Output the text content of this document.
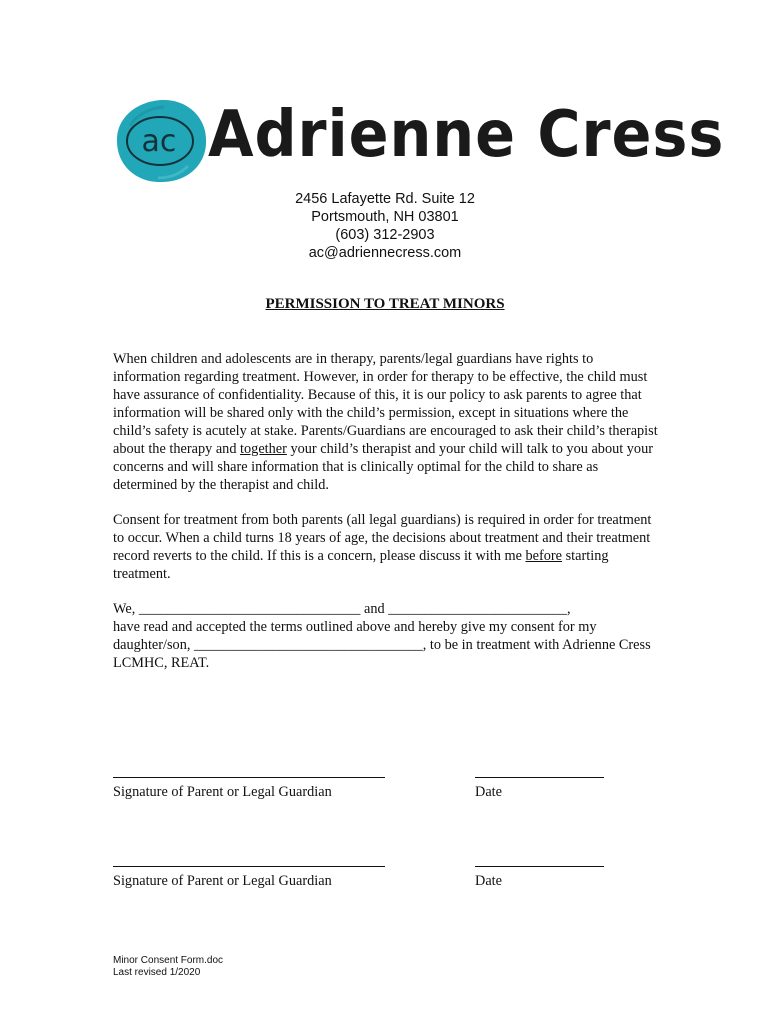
ac Adrienne Cress
2456 Lafayette Rd. Suite 12
Portsmouth, NH 03801
(603) 312-2903
ac@adriennecress.com
PERMISSION TO TREAT MINORS
When children and adolescents are in therapy, parents/legal guardians have rights to information regarding treatment. However, in order for therapy to be effective, the child must have assurance of confidentiality. Because of this, it is our policy to ask parents to agree that information will be shared only with the child’s permission, except in situations where the child’s safety is acutely at stake. Parents/Guardians are encouraged to ask their child’s therapist about the therapy and together your child’s therapist and your child will talk to you about your concerns and will share information that is clinically optimal for the child to share as determined by the therapist and child.
Consent for treatment from both parents (all legal guardians) is required in order for treatment to occur. When a child turns 18 years of age, the decisions about treatment and their treatment record reverts to the child. If this is a concern, please discuss it with me before starting treatment.
We, _______________________________ and _________________________,
have read and accepted the terms outlined above and hereby give my consent for my daughter/son, ________________________________, to be in treatment with Adrienne Cress LCMHC, REAT.
Signature of Parent or Legal Guardian	Date
Signature of Parent or Legal Guardian	Date
Minor Consent Form.doc
Last revised 1/2020
